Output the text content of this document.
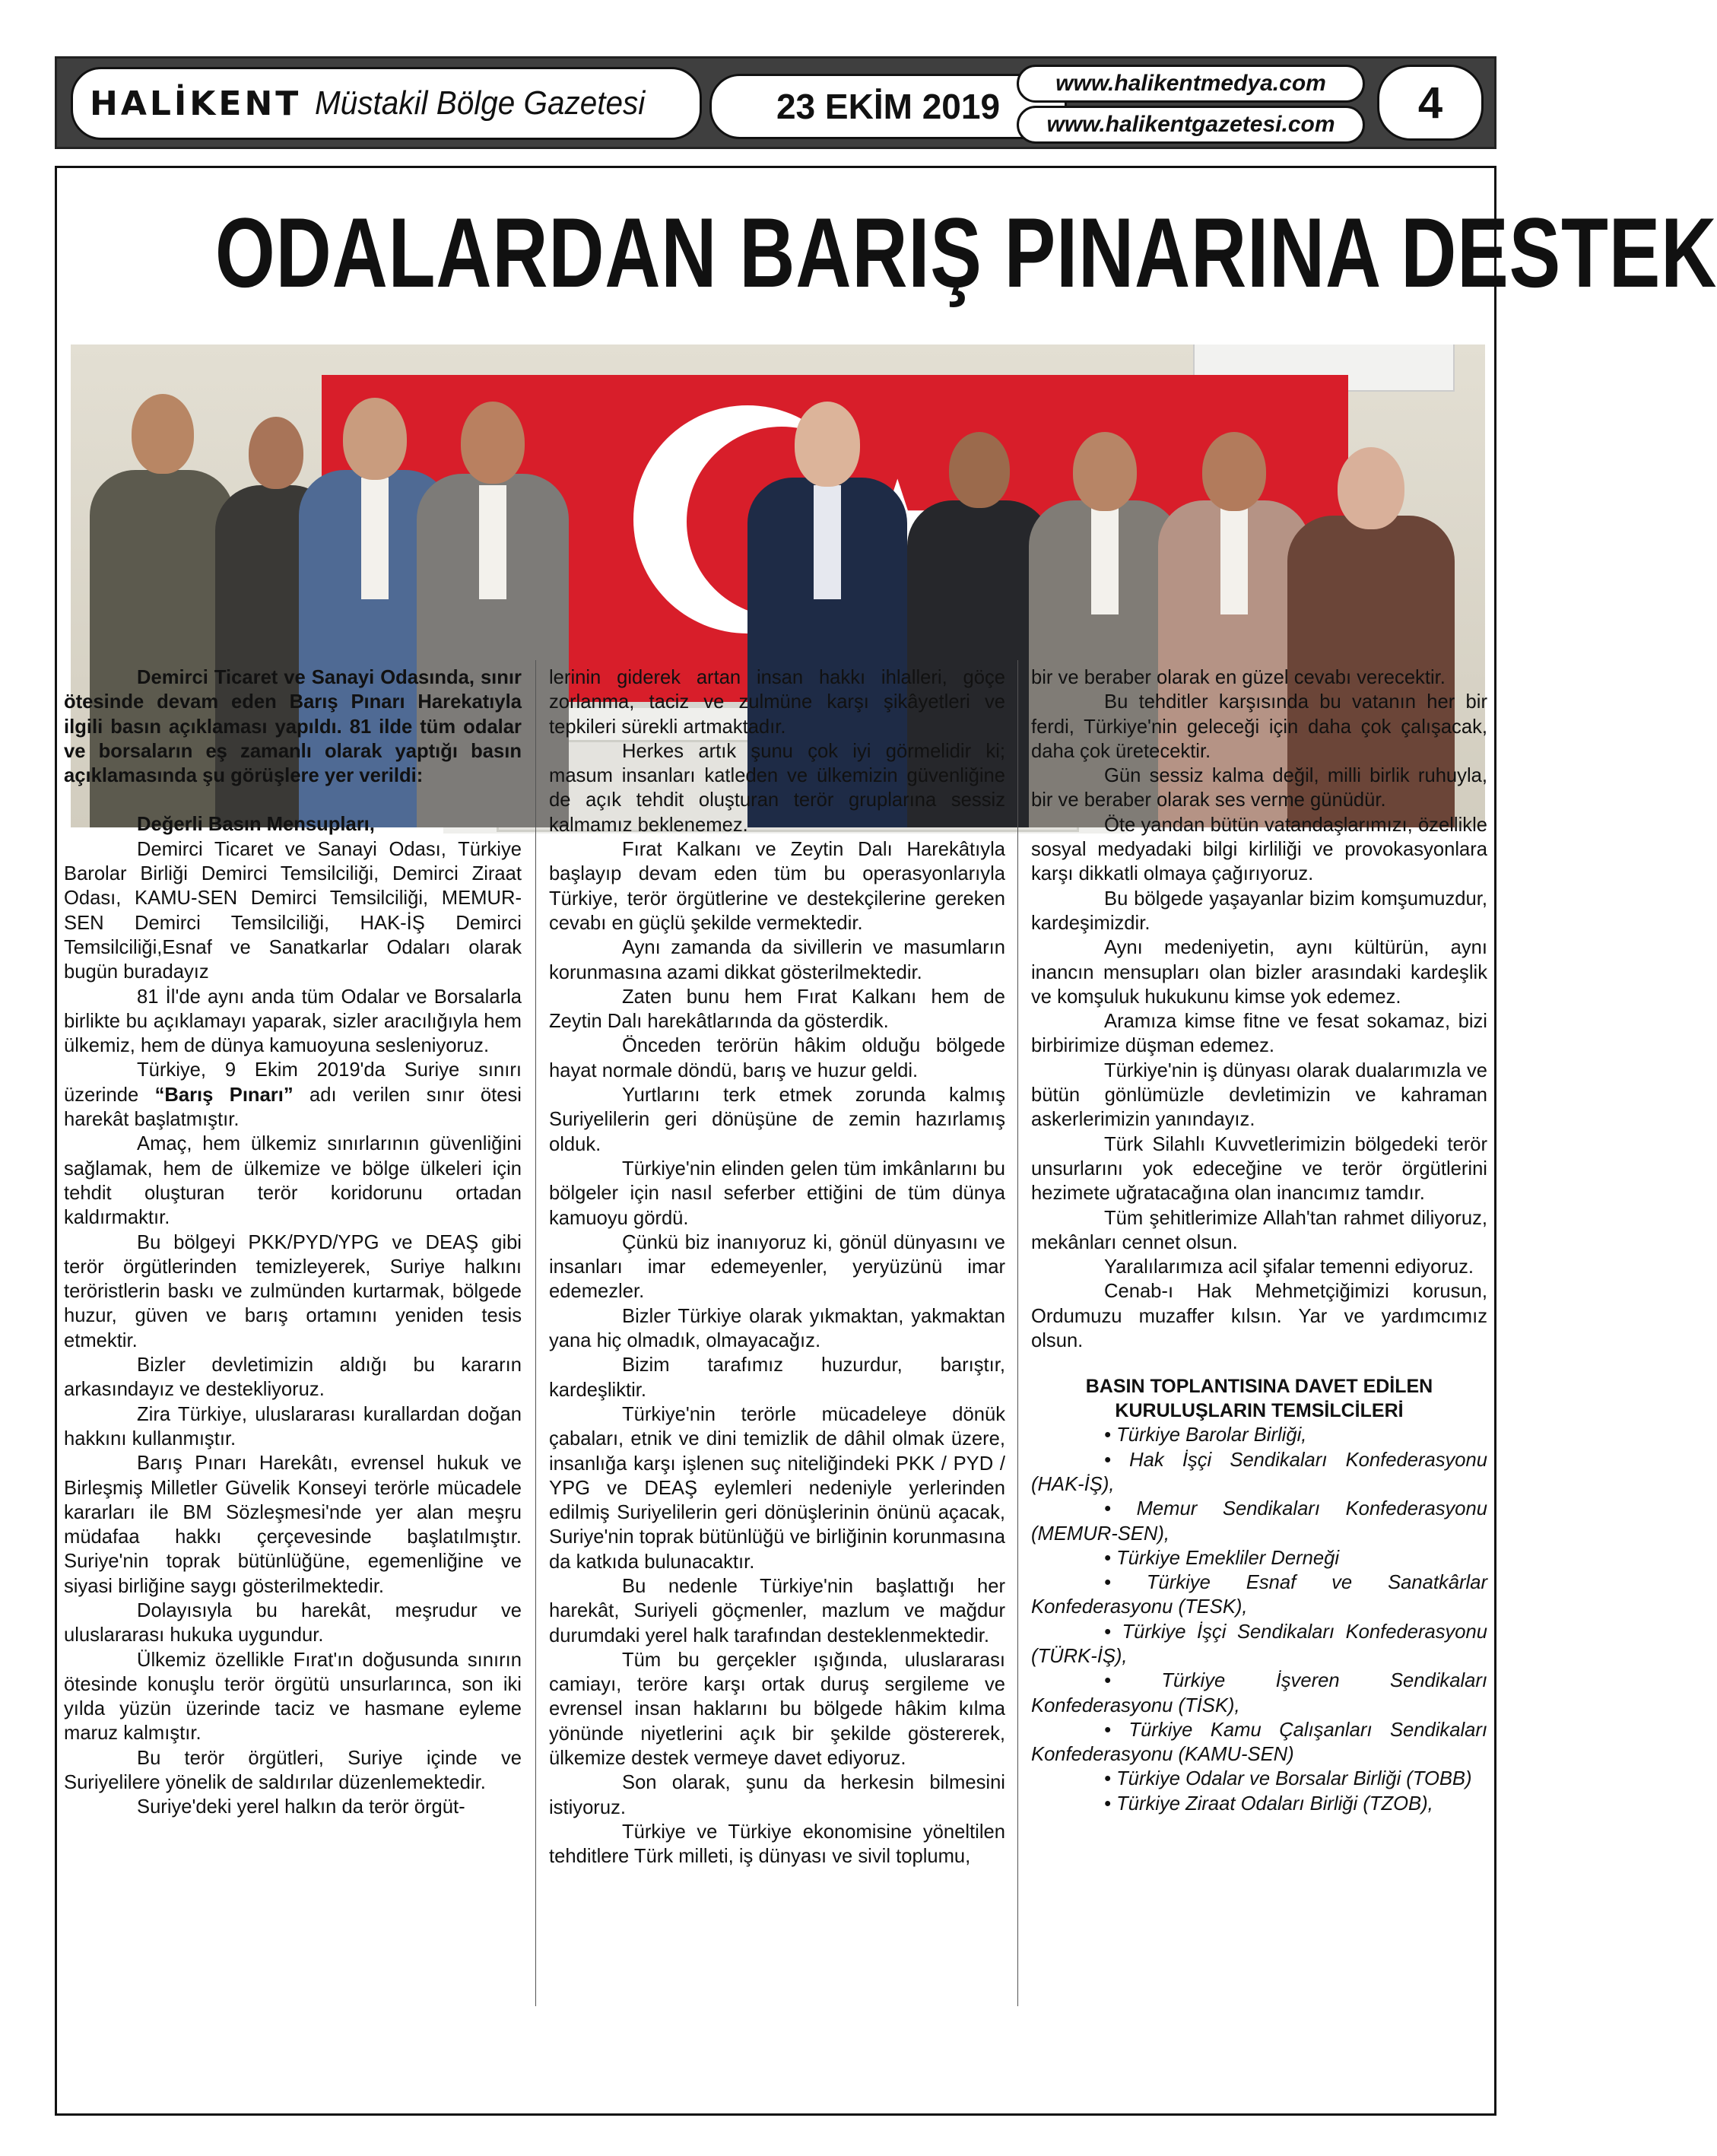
HALİKENT Müstakil Bölge Gazetesi	23 EKİM 2019
www.halikentmedya.com
www.halikentgazetesi.com	4
ODALARDAN BARIŞ PINARINA DESTEK

Demirci Ticaret ve Sanayi Odasında, sınır ötesinde devam eden Barış Pınarı Harekatıyla ilgili basın açıklaması yapıldı. 81 ilde tüm odalar ve borsaların eş zamanlı olarak yaptığı basın açıklamasında şu görüşlere yer verildi:

Değerli Basın Mensupları,

Demirci Ticaret ve Sanayi Odası, Türkiye Barolar Birliği Demirci Temsilciliği, Demirci Ziraat Odası, KAMU-SEN Demirci Temsilciliği, MEMUR-SEN Demirci Temsilciliği, HAK-İŞ Demirci Temsilciliği,Esnaf ve Sanatkarlar Odaları olarak bugün buradayız

81 İl'de aynı anda tüm Odalar ve Borsalarla birlikte bu açıklamayı yaparak, sizler aracılığıyla hem ülkemiz, hem de dünya kamuoyuna sesleniyoruz.

Türkiye, 9 Ekim 2019'da Suriye sınırı üzerinde “Barış Pınarı” adı verilen sınır ötesi harekât başlatmıştır.

Amaç, hem ülkemiz sınırlarının güvenliğini sağlamak, hem de ülkemize ve bölge ülkeleri için tehdit oluşturan terör koridorunu ortadan kaldırmaktır.

Bu bölgeyi PKK/PYD/YPG ve DEAŞ gibi terör örgütlerinden temizleyerek, Suriye halkını teröristlerin baskı ve zulmünden kurtarmak, bölgede huzur, güven ve barış ortamını yeniden tesis etmektir.

Bizler devletimizin aldığı bu kararın arkasındayız ve destekliyoruz.

Zira Türkiye, uluslararası kurallardan doğan hakkını kullanmıştır.

Barış Pınarı Harekâtı, evrensel hukuk ve Birleşmiş Milletler Güvelik Konseyi terörle mücadele kararları ile BM Sözleşmesi'nde yer alan meşru müdafaa hakkı çerçevesinde başlatılmıştır. Suriye'nin toprak bütünlüğüne, egemenliğine ve siyasi birliğine saygı gösterilmektedir.

Dolayısıyla bu harekât, meşrudur ve uluslararası hukuka uygundur.

Ülkemiz özellikle Fırat'ın doğusunda sınırın ötesinde konuşlu terör örgütü unsurlarınca, son iki yılda yüzün üzerinde taciz ve hasmane eyleme maruz kalmıştır.

Bu terör örgütleri, Suriye içinde ve Suriyelilere yönelik de saldırılar düzenlemektedir.

Suriye'deki yerel halkın da terör örgüt-

lerinin giderek artan insan hakkı ihlalleri, göçe zorlanma, taciz ve zulmüne karşı şikâyetleri ve tepkileri sürekli artmaktadır.

Herkes artık şunu çok iyi görmelidir ki; masum insanları katleden ve ülkemizin güvenliğine de açık tehdit oluşturan terör gruplarına sessiz kalmamız beklenemez.

Fırat Kalkanı ve Zeytin Dalı Harekâtıyla başlayıp devam eden tüm bu operasyonlarıyla Türkiye, terör örgütlerine ve destekçilerine gereken cevabı en güçlü şekilde vermektedir.

Aynı zamanda da sivillerin ve masumların korunmasına azami dikkat gösterilmektedir.

Zaten bunu hem Fırat Kalkanı hem de Zeytin Dalı harekâtlarında da gösterdik.

Önceden terörün hâkim olduğu bölgede hayat normale döndü, barış ve huzur geldi.

Yurtlarını terk etmek zorunda kalmış Suriyelilerin geri dönüşüne de zemin hazırlamış olduk.

Türkiye'nin elinden gelen tüm imkânlarını bu bölgeler için nasıl seferber ettiğini de tüm dünya kamuoyu gördü.

Çünkü biz inanıyoruz ki, gönül dünyasını ve insanları imar edemeyenler, yeryüzünü imar edemezler.

Bizler Türkiye olarak yıkmaktan, yakmaktan yana hiç olmadık, olmayacağız.

Bizim tarafımız huzurdur, barıştır, kardeşliktir.

Türkiye'nin terörle mücadeleye dönük çabaları, etnik ve dini temizlik de dâhil olmak üzere, insanlığa karşı işlenen suç niteliğindeki PKK / PYD / YPG ve DEAŞ eylemleri nedeniyle yerlerinden edilmiş Suriyelilerin geri dönüşlerinin önünü açacak, Suriye'nin toprak bütünlüğü ve birliğinin korunmasına da katkıda bulunacaktır.

Bu nedenle Türkiye'nin başlattığı her harekât, Suriyeli göçmenler, mazlum ve mağdur durumdaki yerel halk tarafından desteklenmektedir.

Tüm bu gerçekler ışığında, uluslararası camiayı, teröre karşı ortak duruş sergileme ve evrensel insan haklarını bu bölgede hâkim kılma yönünde niyetlerini açık bir şekilde göstererek, ülkemize destek vermeye davet ediyoruz.

Son olarak, şunu da herkesin bilmesini istiyoruz.

Türkiye ve Türkiye ekonomisine yöneltilen tehditlere Türk milleti, iş dünyası ve sivil toplumu,

bir ve beraber olarak en güzel cevabı verecektir.

Bu tehditler karşısında bu vatanın her bir ferdi, Türkiye'nin geleceği için daha çok çalışacak, daha çok üretecektir.

Gün sessiz kalma değil, milli birlik ruhuyla, bir ve beraber olarak ses verme günüdür.

Öte yandan bütün vatandaşlarımızı, özellikle sosyal medyadaki bilgi kirliliği ve provokasyonlara karşı dikkatli olmaya çağırıyoruz.

Bu bölgede yaşayanlar bizim komşumuzdur, kardeşimizdir.

Aynı medeniyetin, aynı kültürün, aynı inancın mensupları olan bizler arasındaki kardeşlik ve komşuluk hukukunu kimse yok edemez.

Aramıza kimse fitne ve fesat sokamaz, bizi birbirimize düşman edemez.

Türkiye'nin iş dünyası olarak dualarımızla ve bütün gönlümüzle devletimizin ve kahraman askerlerimizin yanındayız.

Türk Silahlı Kuvvetlerimizin bölgedeki terör unsurlarını yok edeceğine ve terör örgütlerini hezimete uğratacağına olan inancımız tamdır.

Tüm şehitlerimize Allah'tan rahmet diliyoruz, mekânları cennet olsun.

Yaralılarımıza acil şifalar temenni ediyoruz.

Cenab-ı Hak Mehmetçiğimizi korusun, Ordumuzu muzaffer kılsın. Yar ve yardımcımız olsun.

BASIN TOPLANTISINA DAVET EDİLEN
KURULUŞLARIN TEMSİLCİLERİ

• Türkiye Barolar Birliği,

• Hak İşçi Sendikaları Konfederasyonu (HAK-İŞ),

• Memur Sendikaları Konfederasyonu (MEMUR-SEN),

• Türkiye Emekliler Derneği

• Türkiye Esnaf ve Sanatkârlar Konfederasyonu (TESK),

• Türkiye İşçi Sendikaları Konfederasyonu (TÜRK-İŞ),

• Türkiye İşveren Sendikaları Konfederasyonu (TİSK),

• Türkiye Kamu Çalışanları Sendikaları Konfederasyonu (KAMU-SEN)

• Türkiye Odalar ve Borsalar Birliği (TOBB)

• Türkiye Ziraat Odaları Birliği (TZOB),
